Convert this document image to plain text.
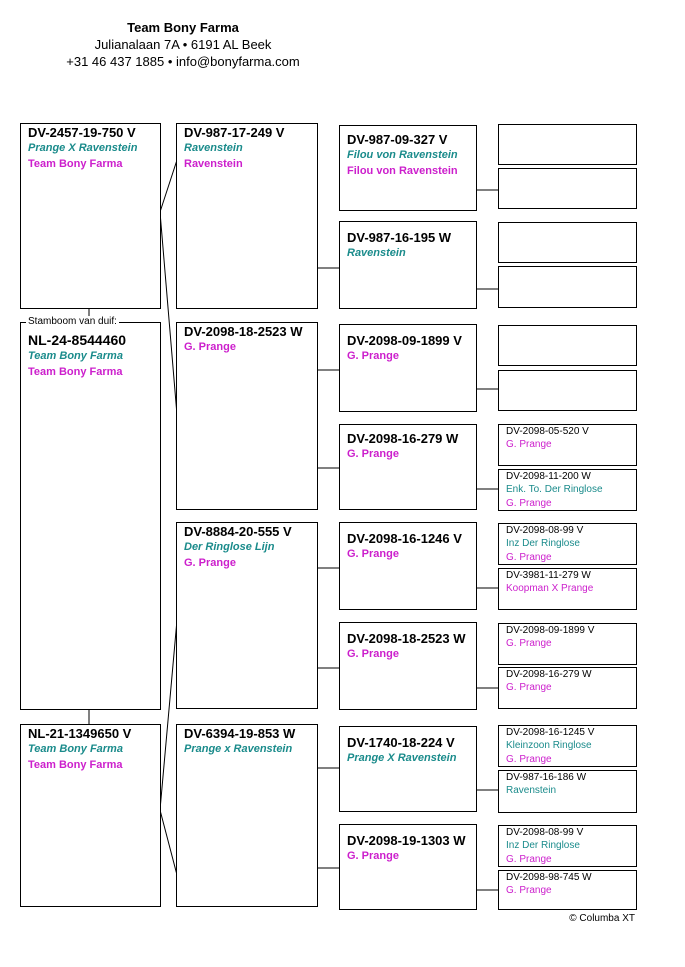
Team Bony Farma
Julianalaan 7A • 6191 AL Beek
+31 46 437 1885 • info@bonyfarma.com
DV-2457-19-750 V
Prange X Ravenstein
Team Bony Farma
NL-24-8544460
Team Bony Farma
Team Bony Farma
Stamboom van duif:
NL-21-1349650 V
Team Bony Farma
Team Bony Farma
DV-987-17-249 V
Ravenstein
Ravenstein
DV-2098-18-2523 W
G. Prange
DV-8884-20-555 V
Der Ringlose Lijn
G. Prange
DV-6394-19-853 W
Prange x Ravenstein
DV-987-09-327 V
Filou von Ravenstein
Filou von Ravenstein
DV-987-16-195 W
Ravenstein
DV-2098-09-1899 V
G. Prange
DV-2098-16-279 W
G. Prange
DV-2098-16-1246 V
G. Prange
DV-2098-18-2523 W
G. Prange
DV-1740-18-224 V
Prange X Ravenstein
DV-2098-19-1303 W
G. Prange
DV-2098-05-520 V
G. Prange
DV-2098-11-200 W
Enk. To. Der Ringlose
G. Prange
DV-2098-08-99 V
Inz Der Ringlose
G. Prange
DV-3981-11-279 W
Koopman X Prange
DV-2098-09-1899 V
G. Prange
DV-2098-16-279 W
G. Prange
DV-2098-16-1245 V
Kleinzoon Ringlose
G. Prange
DV-987-16-186 W
Ravenstein
DV-2098-08-99 V
Inz Der Ringlose
G. Prange
DV-2098-98-745 W
G. Prange
© Columba XT
